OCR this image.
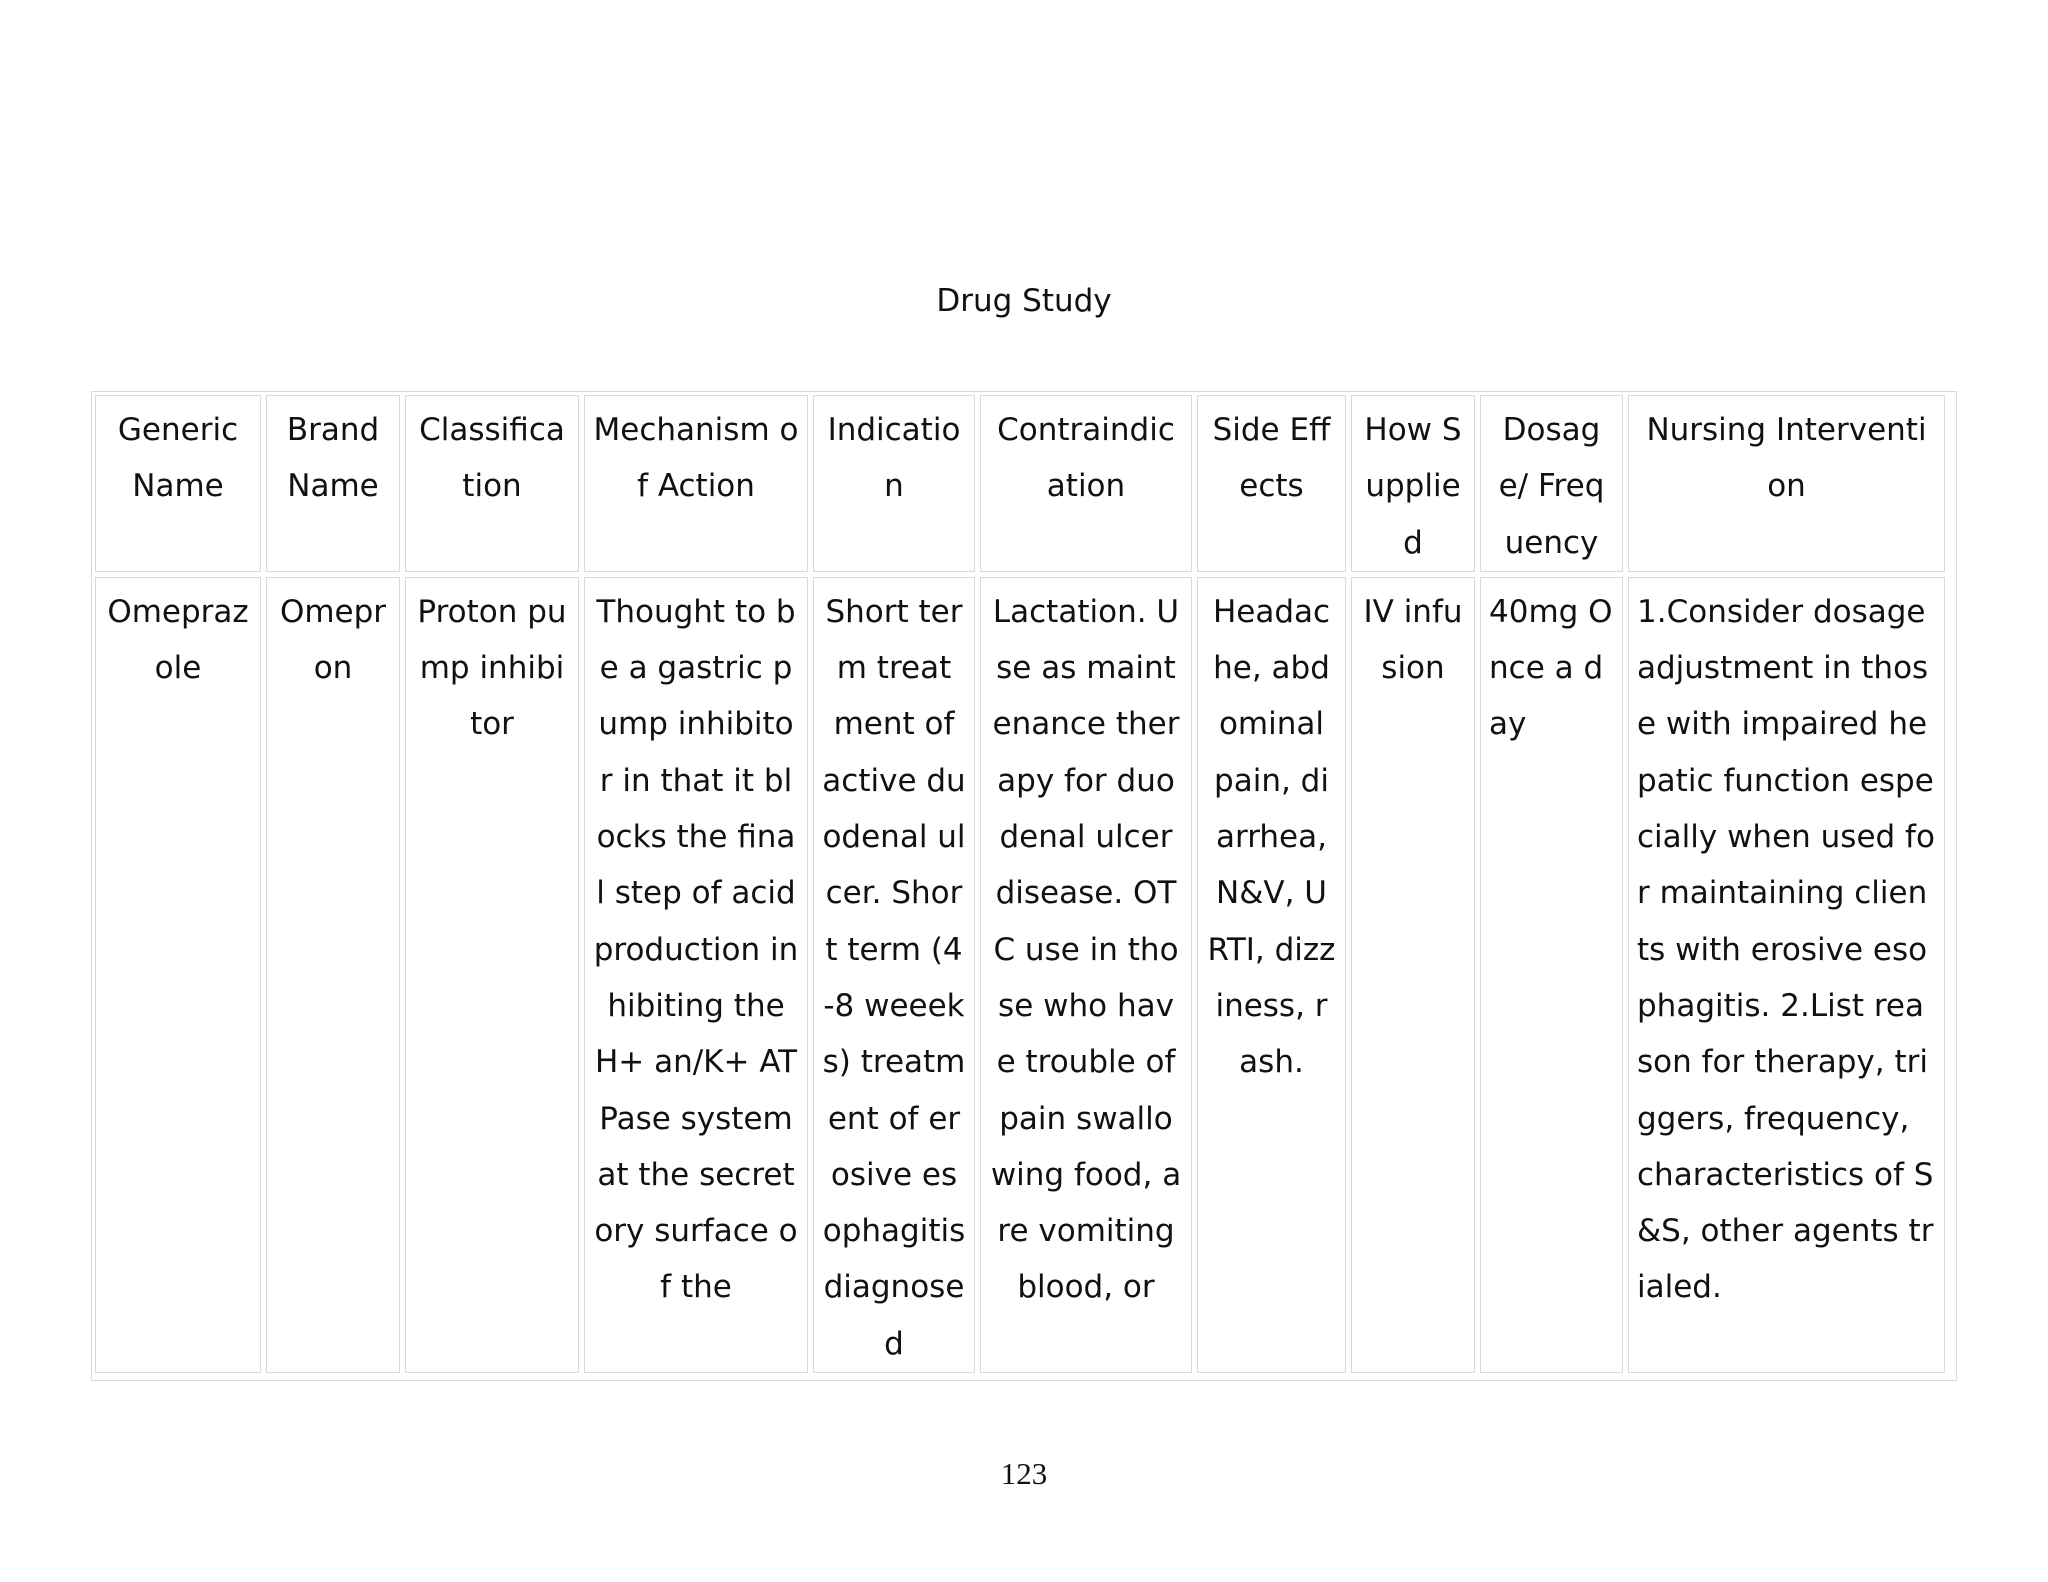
Drug Study
Generic Name	Brand Name	Classification	Mechanism of Action	Indication	Contraindication	Side Effects	How Supplied	Dosage/ Frequency	Nursing Intervention
Omeprazole	Omepron	Proton pump inhibitor	Thought to be a gastric pump inhibitor in that it blocks the final step of acid production inhibiting the H+ an/K+ ATPase system at the secretory surface of the	Short term treatment of active duodenal ulcer. Short term (4-8 weeeks) treatment of erosive esophagitis diagnosed	Lactation. Use as maintenance therapy for duodenal ulcer disease. OTC use in those who have trouble of pain swallowing food, are vomiting blood, or	Headache, abdominal pain, diarrhea, N&V, URTI, dizziness, rash.	IV infusion	40mg Once a day	1.Consider dosage adjustment in those with impaired hepatic function especially when used for maintaining clients with erosive esophagitis. 2.List reason for therapy, triggers, frequency, characteristics of S&S, other agents trialed.
123
